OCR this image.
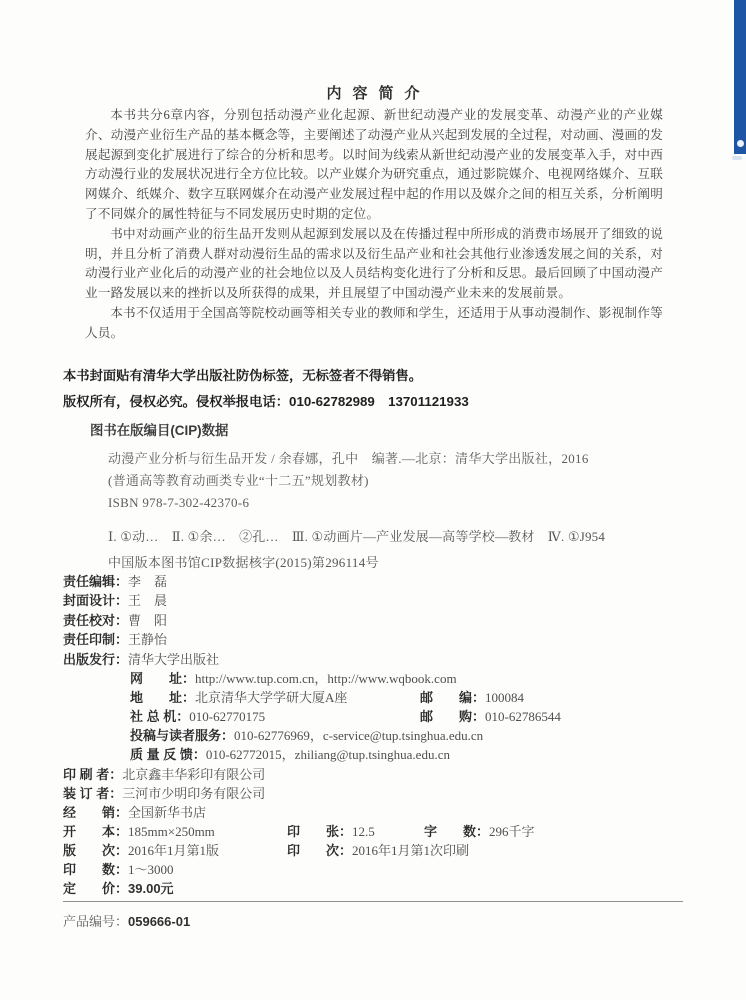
内容简介

本书共分6章内容，分别包括动漫产业化起源、新世纪动漫产业的发展变革、动漫产业的产业媒介、动漫产业衍生产品的基本概念等，主要阐述了动漫产业从兴起到发展的全过程，对动画、漫画的发展起源到变化扩展进行了综合的分析和思考。以时间为线索从新世纪动漫产业的发展变革入手，对中西方动漫行业的发展状况进行全方位比较。以产业媒介为研究重点，通过影院媒介、电视网络媒介、互联网媒介、纸媒介、数字互联网媒介在动漫产业发展过程中起的作用以及媒介之间的相互关系，分析阐明了不同媒介的属性特征与不同发展历史时期的定位。

书中对动画产业的衍生品开发则从起源到发展以及在传播过程中所形成的消费市场展开了细致的说明，并且分析了消费人群对动漫衍生品的需求以及衍生品产业和社会其他行业渗透发展之间的关系，对动漫行业产业化后的动漫产业的社会地位以及人员结构变化进行了分析和反思。最后回顾了中国动漫产业一路发展以来的挫折以及所获得的成果，并且展望了中国动漫产业未来的发展前景。

本书不仅适用于全国高等院校动画等相关专业的教师和学生，还适用于从事动漫制作、影视制作等人员。

本书封面贴有清华大学出版社防伪标签，无标签者不得销售。
版权所有，侵权必究。侵权举报电话：010-62782989　13701121933
图书在版编目(CIP)数据
动漫产业分析与衍生品开发 / 余春娜，孔中　编著.—北京：清华大学出版社，2016
(普通高等教育动画类专业“十二五”规划教材)
ISBN 978-7-302-42370-6
Ⅰ. ①动…　Ⅱ. ①余…　②孔…　Ⅲ. ①动画片—产业发展—高等学校—教材　Ⅳ. ①J954
中国版本图书馆CIP数据核字(2015)第296114号
责任编辑：李　磊
封面设计：王　晨
责任校对：曹　阳
责任印制：王静怡
出版发行：清华大学出版社
网　　址：http://www.tup.com.cn，http://www.wqbook.com
地　　址：北京清华大学学研大厦A座	邮　　编：100084
社 总 机：010-62770175	邮　　购：010-62786544
投稿与读者服务：010-62776969，c-service@tup.tsinghua.edu.cn
质 量 反 馈：010-62772015，zhiliang@tup.tsinghua.edu.cn
印 刷 者：北京鑫丰华彩印有限公司
装 订 者：三河市少明印务有限公司
经　　销：全国新华书店
开　　本：185mm×250mm	印　　张：12.5	字　　数：296千字
版　　次：2016年1月第1版	印　　次：2016年1月第1次印刷
印　　数：1～3000
定　　价：39.00元
产品编号：059666-01
